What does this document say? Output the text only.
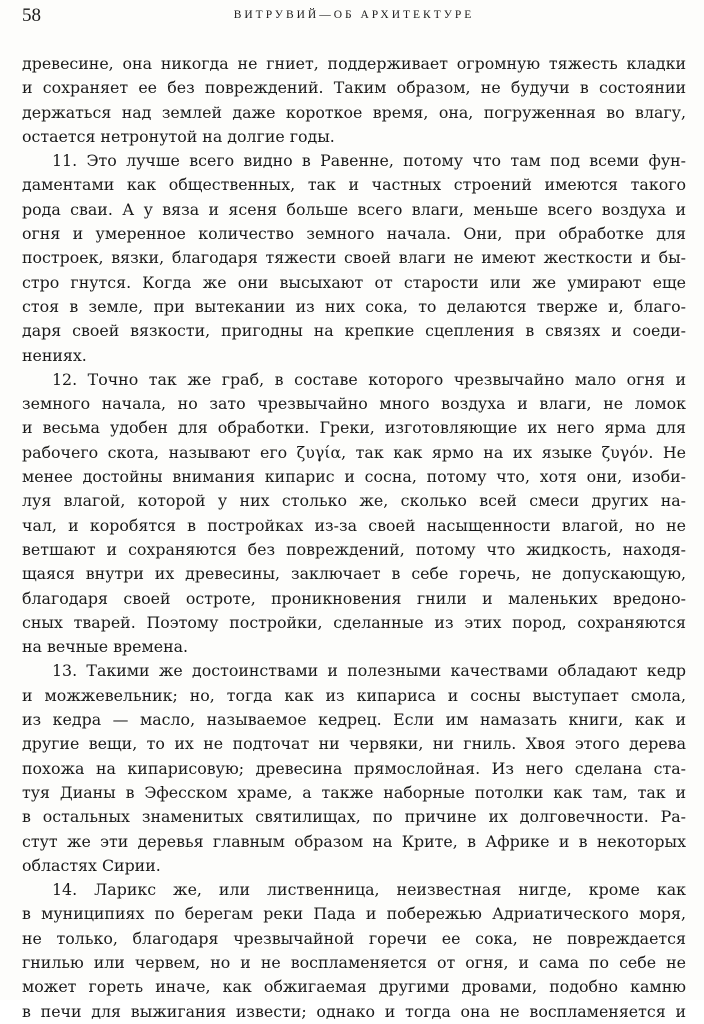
58	ВИТРУВИЙ—ОБ АРХИТЕКТУРЕ
древесине, она никогда не гниет, поддерживает огромную тяжесть кладки
и сохраняет ее без повреждений. Таким образом, не будучи в состоянии
держаться над землей даже короткое время, она, погруженная во влагу,
остается нетронутой на долгие годы.
11. Это лучше всего видно в Равенне, потому что там под всеми фун-
даментами как общественных, так и частных строений имеются такого
рода сваи. А у вяза и ясеня больше всего влаги, меньше всего воздуха и
огня и умеренное количество земного начала. Они, при обработке для
построек, вязки, благодаря тяжести своей влаги не имеют жесткости и бы-
стро гнутся. Когда же они высыхают от старости или же умирают еще
стоя в земле, при вытекании из них сока, то делаются тверже и, благо-
даря своей вязкости, пригодны на крепкие сцепления в связях и соеди-
нениях.
12. Точно так же граб, в составе которого чрезвычайно мало огня и
земного начала, но зато чрезвычайно много воздуха и влаги, не ломок
и весьма удобен для обработки. Греки, изготовляющие их него ярма для
рабочего скота, называют его ζυγία, так как ярмо на их языке ζυγόν. Не
менее достойны внимания кипарис и сосна, потому что, хотя они, изоби-
луя влагой, которой у них столько же, сколько всей смеси других на-
чал, и коробятся в постройках из-за своей насыщенности влагой, но не
ветшают и сохраняются без повреждений, потому что жидкость, находя-
щаяся внутри их древесины, заключает в себе горечь, не допускающую,
благодаря своей остроте, проникновения гнили и маленьких вредоно-
сных тварей. Поэтому постройки, сделанные из этих пород, сохраняются
на вечные времена.
13. Такими же достоинствами и полезными качествами обладают кедр
и можжевельник; но, тогда как из кипариса и сосны выступает смола,
из кедра — масло, называемое кедрец. Если им намазать книги, как и
другие вещи, то их не подточат ни червяки, ни гниль. Хвоя этого дерева
похожа на кипарисовую; древесина прямослойная. Из него сделана ста-
туя Дианы в Эфесском храме, а также наборные потолки как там, так и
в остальных знаменитых святилищах, по причине их долговечности. Ра-
стут же эти деревья главным образом на Крите, в Африке и в некоторых
областях Сирии.
14. Ларикс же, или лиственница, неизвестная нигде, кроме как
в муниципиях по берегам реки Пада и побережью Адриатического моря,
не только, благодаря чрезвычайной горечи ее сока, не повреждается
гнилью или червем, но и не воспламеняется от огня, и сама по себе не
может гореть иначе, как обжигаемая другими дровами, подобно камню
в печи для выжигания извести; однако и тогда она не воспламеняется и
